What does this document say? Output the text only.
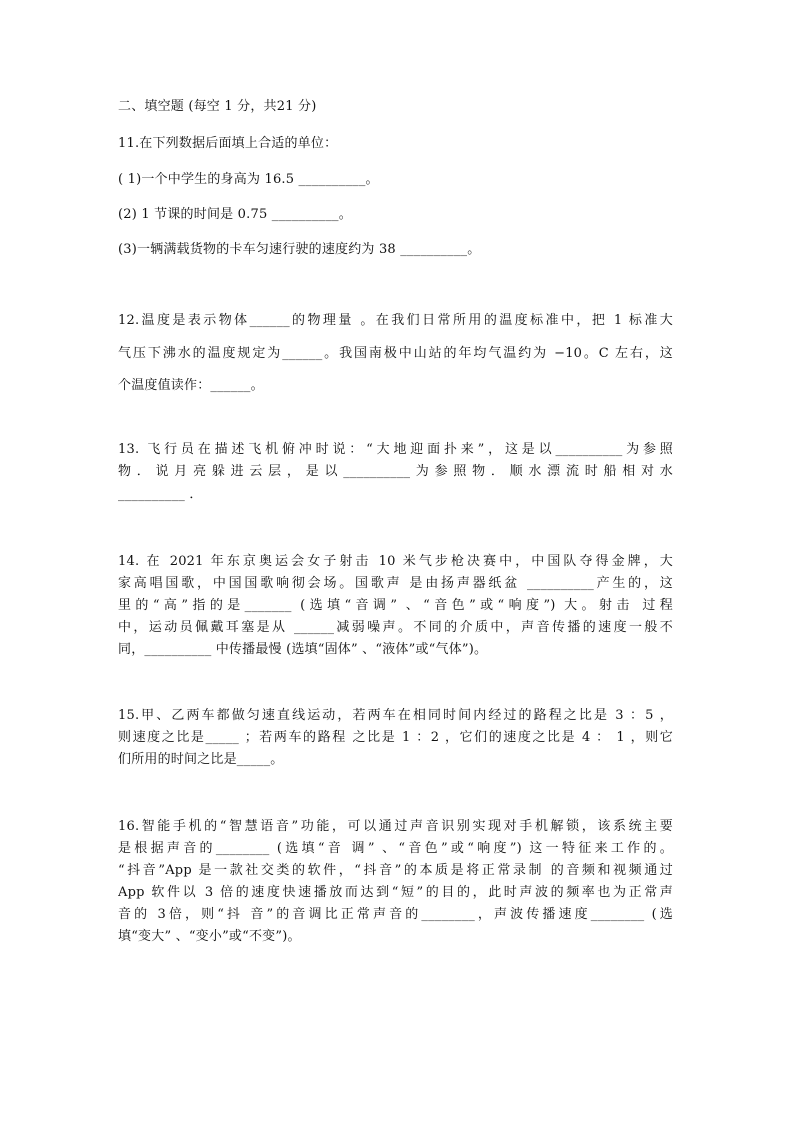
二、填空题 (每空 1 分，共21 分)
11.在下列数据后面填上合适的单位：
( 1)一个中学生的身高为 16.5 __________。
(2) 1 节课的时间是 0.75 __________。
(3)一辆满载货物的卡车匀速行驶的速度约为 38 __________。
12.温度是表示物体______的物理量 。在我们日常所用的温度标准中，把 1 标准大
气压下沸水的温度规定为______。我国南极中山站的年均气温约为 −10。C 左右，这
个温度值读作：______。
13. 飞行员在描述飞机俯冲时说：“大地迎面扑来”，这是以__________为参照
物．说月亮躲进云层，是以__________为参照物．顺水漂流时船相对水
__________ ．
14. 在 2021 年东京奥运会女子射击 10 米气步枪决赛中，中国队夺得金牌，大
家高唱国歌，中国国歌响彻会场。国歌声 是由扬声器纸盆 __________产生的，这
里的“高”指的是_______ (选填“音调” 、“音色”或“响度”) 大。射击 过程
中，运动员佩戴耳塞是从 ______减弱噪声。不同的介质中，声音传播的速度一般不
同，__________ 中传播最慢 (选填“固体” 、“液体”或“气体”)。
15.甲、乙两车都做匀速直线运动，若两车在相同时间内经过的路程之比是 3 ：5 ，
则速度之比是_____ ；若两车的路程 之比是 1 ：2 ，它们的速度之比是 4 ： 1 ，则它
们所用的时间之比是_____。
16.智能手机的“智慧语音”功能，可以通过声音识别实现对手机解锁，该系统主要
是根据声音的________ (选填“音 调” 、“音色”或“响度”) 这一特征来工作的。
“抖音”App 是一款社交类的软件，“抖音”的本质是将正常录制 的音频和视频通过
App 软件以 3 倍的速度快速播放而达到“短”的目的，此时声波的频率也为正常声
音的 3倍，则“抖 音”的音调比正常声音的________，声波传播速度________ (选
填“变大” 、“变小”或“不变”)。
